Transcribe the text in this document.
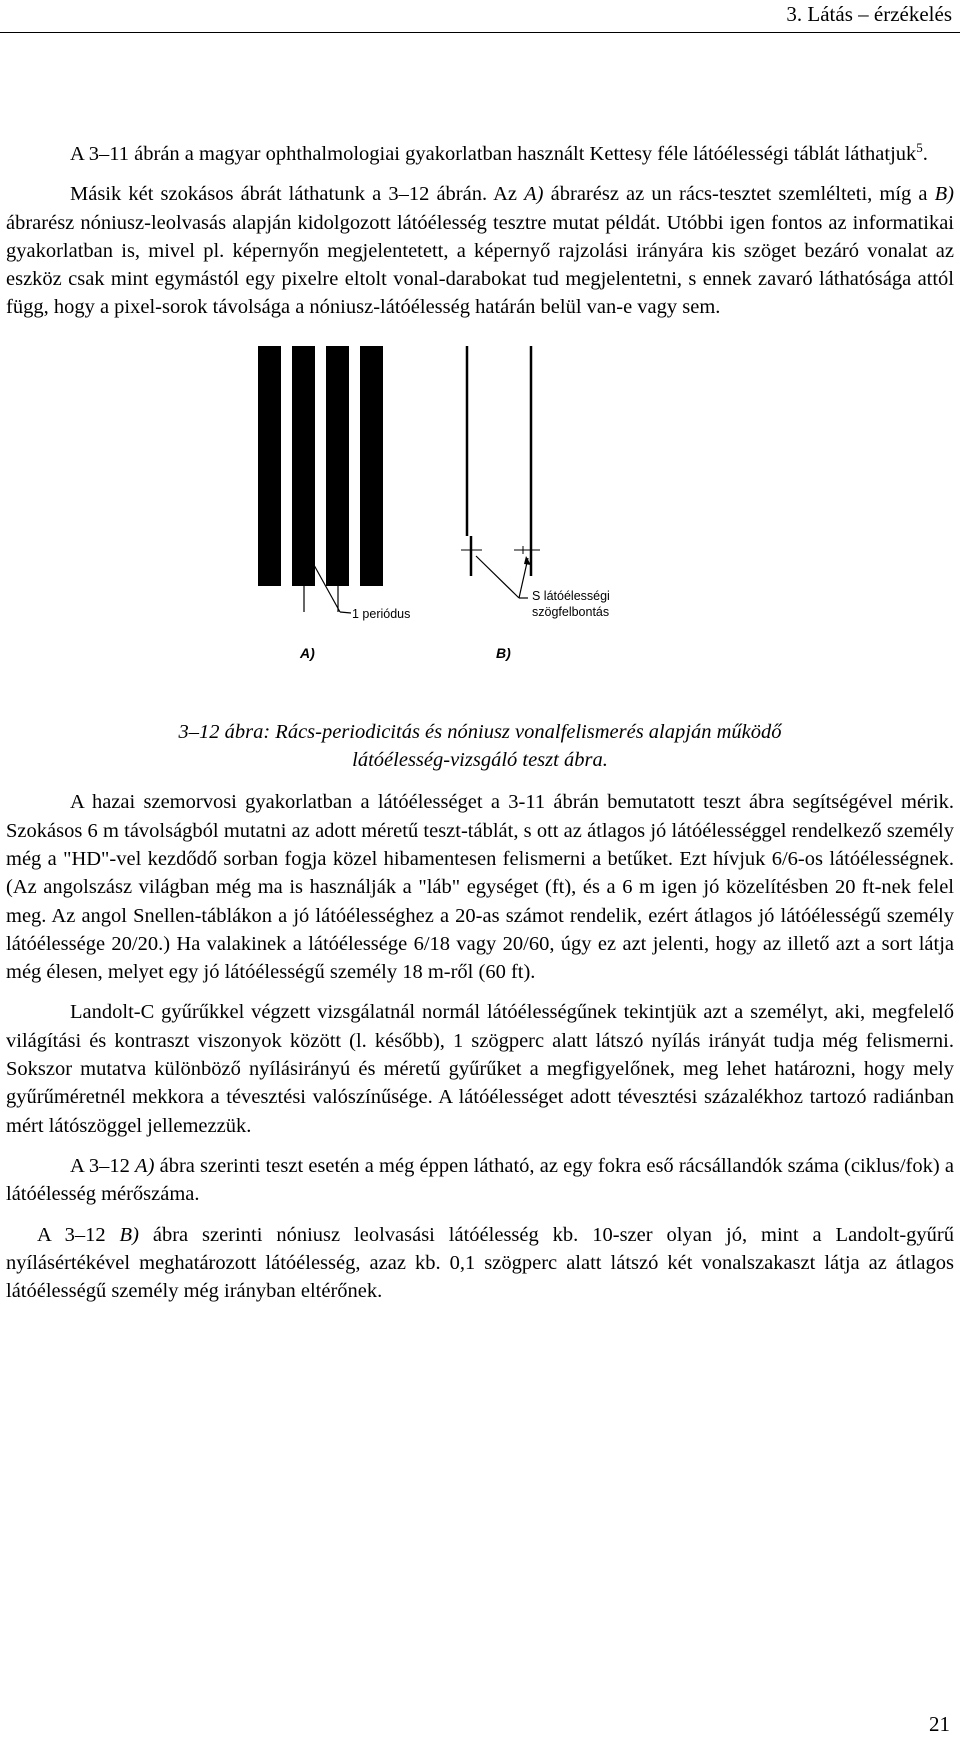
3. Látás – érzékelés

A 3–11 ábrán a magyar ophthalmologiai gyakorlatban használt Kettesy féle látóélességi táblát láthatjuk$^5$.

Másik két szokásos ábrát láthatunk a 3–12 ábrán. Az A) ábrarész az un rács-tesztet szemlélteti, míg a B) ábrarész nóniusz-leolvasás alapján kidolgozott látóélesség tesztre mutat példát. Utóbbi igen fontos az informatikai gyakorlatban is, mivel pl. képernyőn megjelentetett, a képernyő rajzolási irányára kis szöget bezáró vonalat az eszköz csak mint egymástól egy pixelre eltolt vonal-darabokat tud megjelentetni, s ennek zavaró láthatósága attól függ, hogy a pixel-sorok távolsága a nóniusz-látóélesség határán belül van-e vagy sem.

1 periódus
S látóélességi
szögfelbontás
A)	B)
3–12 ábra: Rács-periodicitás és nóniusz vonalfelismerés alapján működő
látóélesség-vizsgáló teszt ábra.

A hazai szemorvosi gyakorlatban a látóélességet a 3-11 ábrán bemutatott teszt ábra segítségével mérik. Szokásos 6 m távolságból mutatni az adott méretű teszt-táblát, s ott az átlagos jó látóélességgel rendelkező személy még a "HD"-vel kezdődő sorban fogja közel hibamentesen felismerni a betűket. Ezt hívjuk 6/6-os látóélességnek. (Az angolszász világban még ma is használják a "láb" egységet (ft), és a 6 m igen jó közelítésben 20 ft-nek felel meg. Az angol Snellen-táblákon a jó látóélességhez a 20-as számot rendelik, ezért átlagos jó látóélességű személy látóélessége 20/20.) Ha valakinek a látóélessége 6/18 vagy 20/60, úgy ez azt jelenti, hogy az illető azt a sort látja még élesen, melyet egy jó látóélességű személy 18 m-ről (60 ft).

Landolt-C gyűrűkkel végzett vizsgálatnál normál látóélességűnek tekintjük azt a személyt, aki, megfelelő világítási és kontraszt viszonyok között (l. később), 1 szögperc alatt látszó nyílás irányát tudja még felismerni. Sokszor mutatva különböző nyílásirányú és méretű gyűrűket a megfigyelőnek, meg lehet határozni, hogy mely gyűrűméretnél mekkora a tévesztési valószínűsége. A látóélességet adott tévesztési százalékhoz tartozó radiánban mért látószöggel jellemezzük.

A 3–12 A) ábra szerinti teszt esetén a még éppen látható, az egy fokra eső rácsállandók száma (ciklus/fok) a látóélesség mérőszáma.

A 3–12 B) ábra szerinti nóniusz leolvasási látóélesség kb. 10-szer olyan jó, mint a Landolt-gyűrű nyílásértékével meghatározott látóélesség, azaz kb. 0,1 szögperc alatt látszó két vonalszakaszt látja az átlagos látóélességű személy még irányban eltérőnek.

21
